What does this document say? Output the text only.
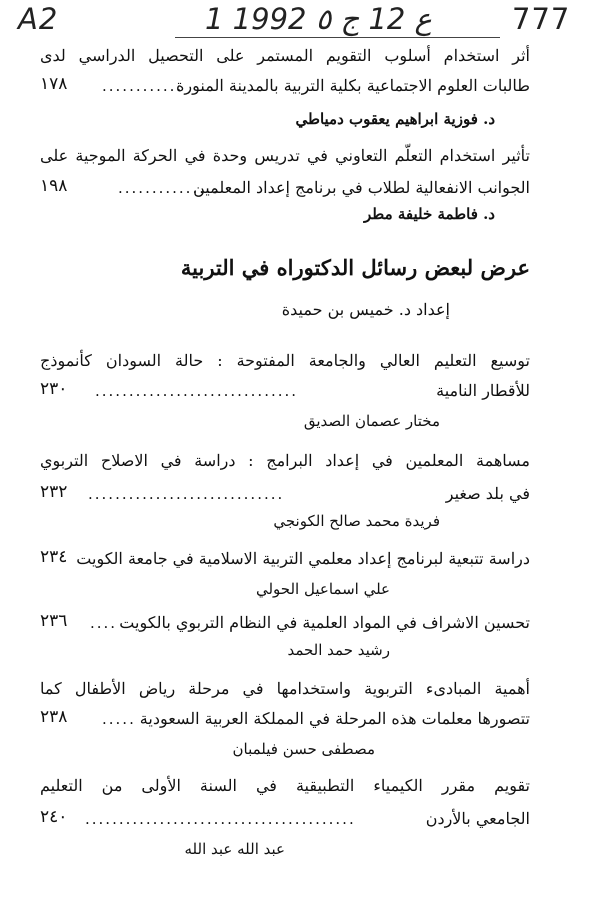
A2	1 ع 12 ج ٥ 1992	777
أثر استخدام أسلوب التقويم المستمر على التحصيل الدراسي لدى
طالبات العلوم الاجتماعية بكلية التربية بالمدينة المنورة
............
١٧٨
د. فوزية ابراهيم يعقوب دمياطي
تأثير استخدام التعلّم التعاوني في تدريس وحدة في الحركة الموجية على
الجوانب الانفعالية لطلاب في برنامج إعداد المعلمين
...............
١٩٨
د. فاطمة خليفة مطر
عرض لبعض رسائل الدكتوراه في التربية
إعداد د. خميس بن حميدة
توسيع التعليم العالي والجامعة المفتوحة : حالة السودان كأنموذج
للأقطار النامية
..............................
٢٣٠
مختار عصمان الصديق
مساهمة المعلمين في إعداد البرامج : دراسة في الاصلاح التربوي
في بلد صغير
.............................
٢٣٢
فريدة محمد صالح الكونجي
دراسة تتبعية لبرنامج إعداد معلمي التربية الاسلامية في جامعة الكويت
٢٣٤
علي اسماعيل الحولي
تحسين الاشراف في المواد العلمية في النظام التربوي بالكويت
....
٢٣٦
رشيد حمد الحمد
أهمية المبادىء التربوية واستخدامها في مرحلة رياض الأطفال كما
تتصورها معلمات هذه المرحلة في المملكة العربية السعودية
.....
٢٣٨
مصطفى حسن فيلمبان
تقويم مقرر الكيمياء التطبيقية في السنة الأولى من التعليم
الجامعي بالأردن
........................................
٢٤٠
عبد الله عبد الله
